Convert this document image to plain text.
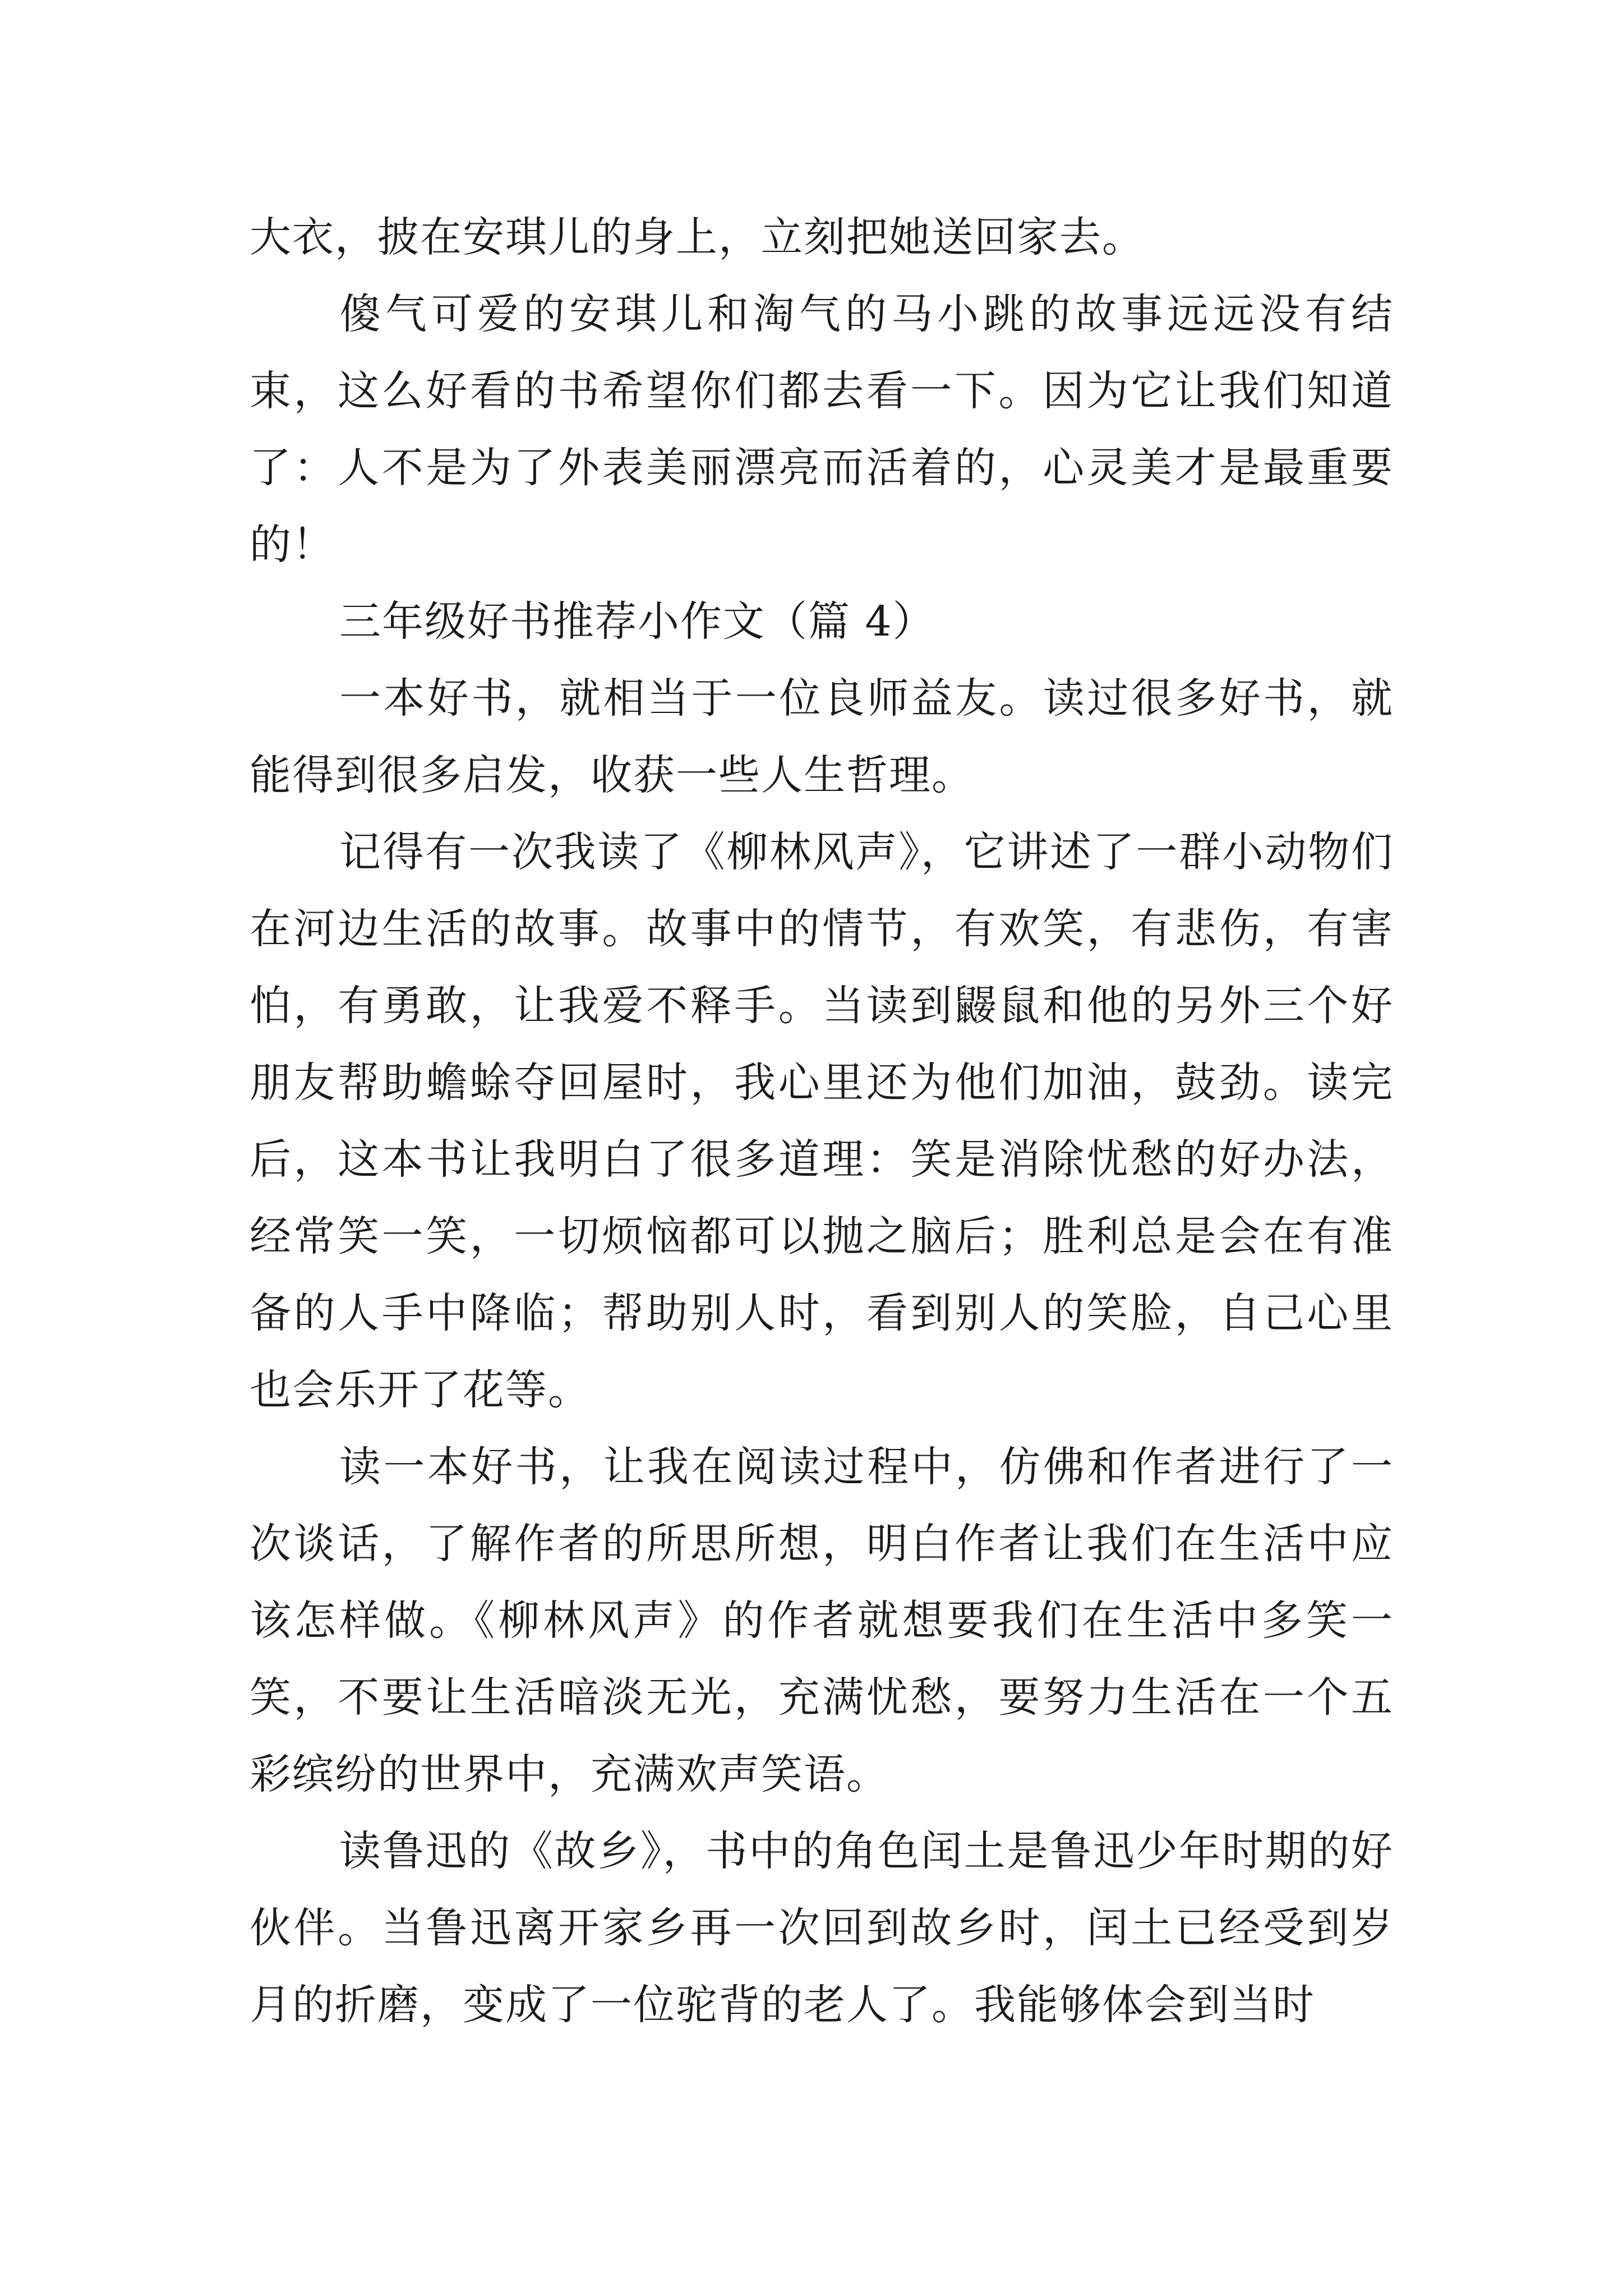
大衣，披在安琪儿的身上，立刻把她送回家去。

傻气可爱的安琪儿和淘气的马小跳的故事远远没有结束，这么好看的书希望你们都去看一下。因为它让我们知道了：人不是为了外表美丽漂亮而活着的，心灵美才是最重要的！

三年级好书推荐小作文（篇 4）

一本好书，就相当于一位良师益友。读过很多好书，就能得到很多启发，收获一些人生哲理。

记得有一次我读了《柳林风声》，它讲述了一群小动物们在河边生活的故事。故事中的情节，有欢笑，有悲伤，有害怕，有勇敢，让我爱不释手。当读到鼹鼠和他的另外三个好朋友帮助蟾蜍夺回屋时，我心里还为他们加油，鼓劲。读完后，这本书让我明白了很多道理：笑是消除忧愁的好办法，经常笑一笑，一切烦恼都可以抛之脑后；胜利总是会在有准备的人手中降临；帮助别人时，看到别人的笑脸，自己心里也会乐开了花等。

读一本好书，让我在阅读过程中，仿佛和作者进行了一次谈话，了解作者的所思所想，明白作者让我们在生活中应该怎样做。《柳林风声》的作者就想要我们在生活中多笑一笑，不要让生活暗淡无光，充满忧愁，要努力生活在一个五彩缤纷的世界中，充满欢声笑语。

读鲁迅的《故乡》，书中的角色闰土是鲁迅少年时期的好伙伴。当鲁迅离开家乡再一次回到故乡时，闰土已经受到岁月的折磨，变成了一位驼背的老人了。我能够体会到当时
